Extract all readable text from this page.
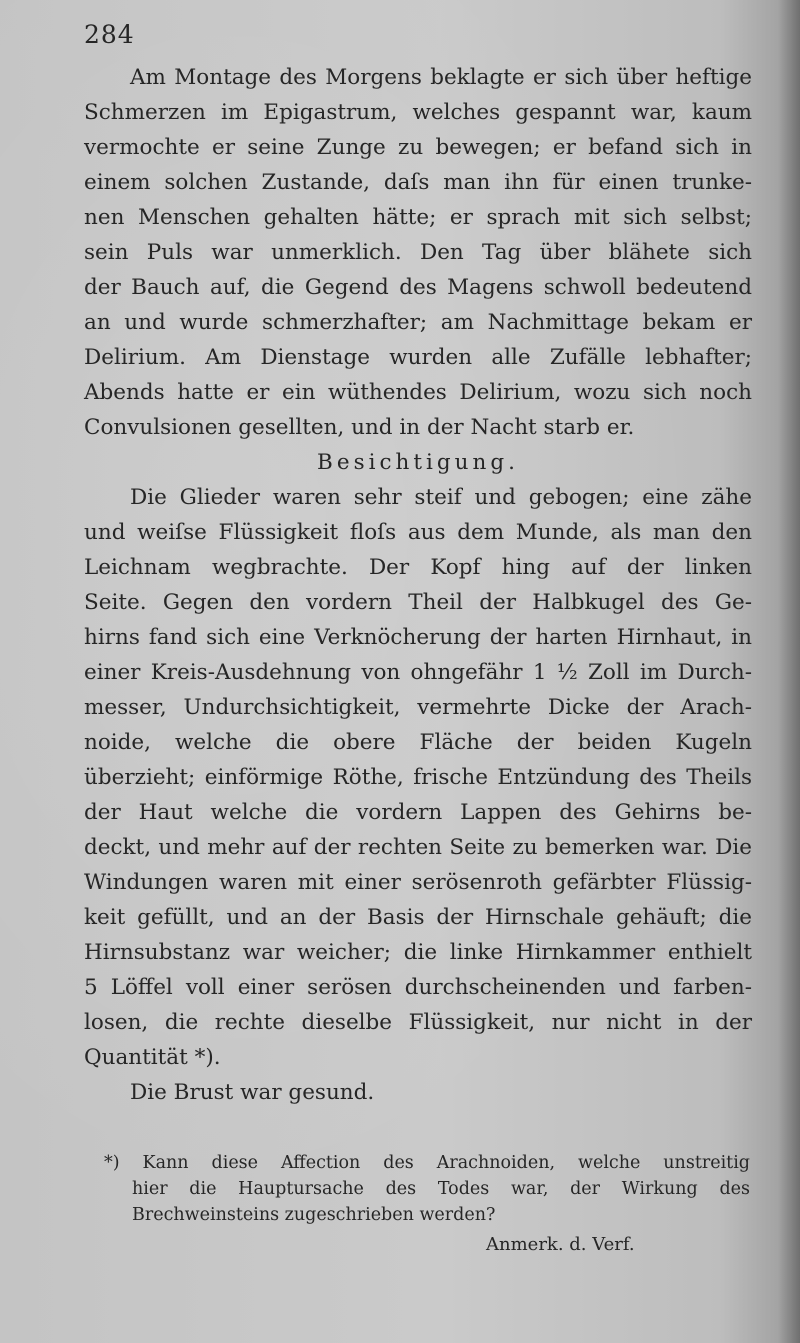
284
Am Montage des Morgens beklagte er sich über heftige
Schmerzen im Epigastrum, welches gespannt war, kaum
vermochte er seine Zunge zu bewegen; er befand sich in
einem solchen Zustande, daſs man ihn für einen trunke-
nen Menschen gehalten hätte; er sprach mit sich selbst;
sein Puls war unmerklich. Den Tag über blähete sich
der Bauch auf, die Gegend des Magens schwoll bedeutend
an und wurde schmerzhafter; am Nachmittage bekam er
Delirium. Am Dienstage wurden alle Zufälle lebhafter;
Abends hatte er ein wüthendes Delirium, wozu sich noch
Convulsionen gesellten, und in der Nacht starb er.
Besichtigung.
Die Glieder waren sehr steif und gebogen; eine zähe
und weiſse Flüssigkeit floſs aus dem Munde, als man den
Leichnam wegbrachte. Der Kopf hing auf der linken
Seite. Gegen den vordern Theil der Halbkugel des Ge-
hirns fand sich eine Verknöcherung der harten Hirnhaut, in
einer Kreis-Ausdehnung von ohngefähr 1 ½ Zoll im Durch-
messer, Undurchsichtigkeit, vermehrte Dicke der Arach-
noide, welche die obere Fläche der beiden Kugeln
überzieht; einförmige Röthe, frische Entzündung des Theils
der Haut welche die vordern Lappen des Gehirns be-
deckt, und mehr auf der rechten Seite zu bemerken war. Die
Windungen waren mit einer serösenroth gefärbter Flüssig-
keit gefüllt, und an der Basis der Hirnschale gehäuft; die
Hirnsubstanz war weicher; die linke Hirnkammer enthielt
5 Löffel voll einer serösen durchscheinenden und farben-
losen, die rechte dieselbe Flüssigkeit, nur nicht in der
Quantität *).
Die Brust war gesund.
*) Kann diese Affection des Arachnoiden, welche unstreitig
hier die Hauptursache des Todes war, der Wirkung des
Brechweinsteins zugeschrieben werden?
Anmerk. d. Verf.
